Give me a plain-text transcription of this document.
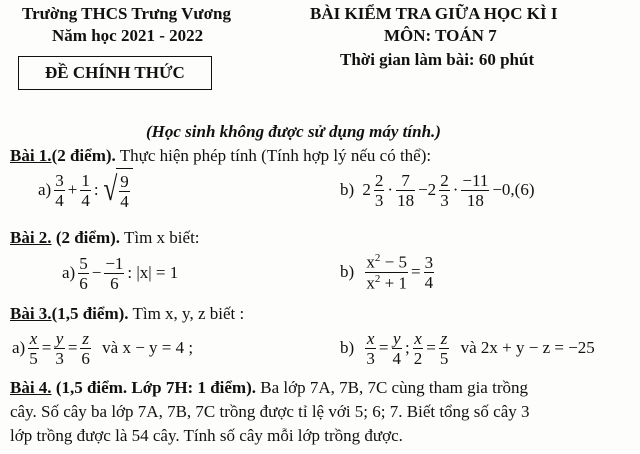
Trường THCS Trưng Vương
Năm học 2021 - 2022
ĐỀ CHÍNH THỨC
BÀI KIỂM TRA GIỮA HỌC KÌ I
MÔN: TOÁN 7
Thời gian làm bài: 60 phút
(Học sinh không được sử dụng máy tính.)
Bài 1.(2 điểm). Thực hiện phép tính (Tính hợp lý nếu có thể):
$a) \frac{3}{4} + \frac{1}{4}$ : √ $\frac{9}{4}$	b) $2 \frac{2}{3} \cdot \frac{7}{18} -2 \frac{2}{3} \cdot \frac{-11}{18} -0,(6)$
Bài 2. (2 điểm). Tìm x biết:
$a) \frac{5}{6} - \frac{-1}{6}$ : |x| = 1	b)
$\frac{x^2 - 5}{x^2 + 1} = \frac{3}{4}$
Bài 3.(1,5 điểm). Tìm x, y, z biết :
$a) \frac{x}{5} = \frac{y}{3} = \frac{z}{6}$
và x − y = 4 ;	b)
$\frac{x}{3} = \frac{y}{4}$ ; $\frac{x}{2} = \frac{z}{5}$
và 2x + y − z = −25
Bài 4. (1,5 điểm. Lớp 7H: 1 điểm). Ba lớp 7A, 7B, 7C cùng tham gia trồng
cây. Số cây ba lớp 7A, 7B, 7C trồng được tỉ lệ với 5; 6; 7. Biết tổng số cây 3
lớp trồng được là 54 cây. Tính số cây mỗi lớp trồng được.
